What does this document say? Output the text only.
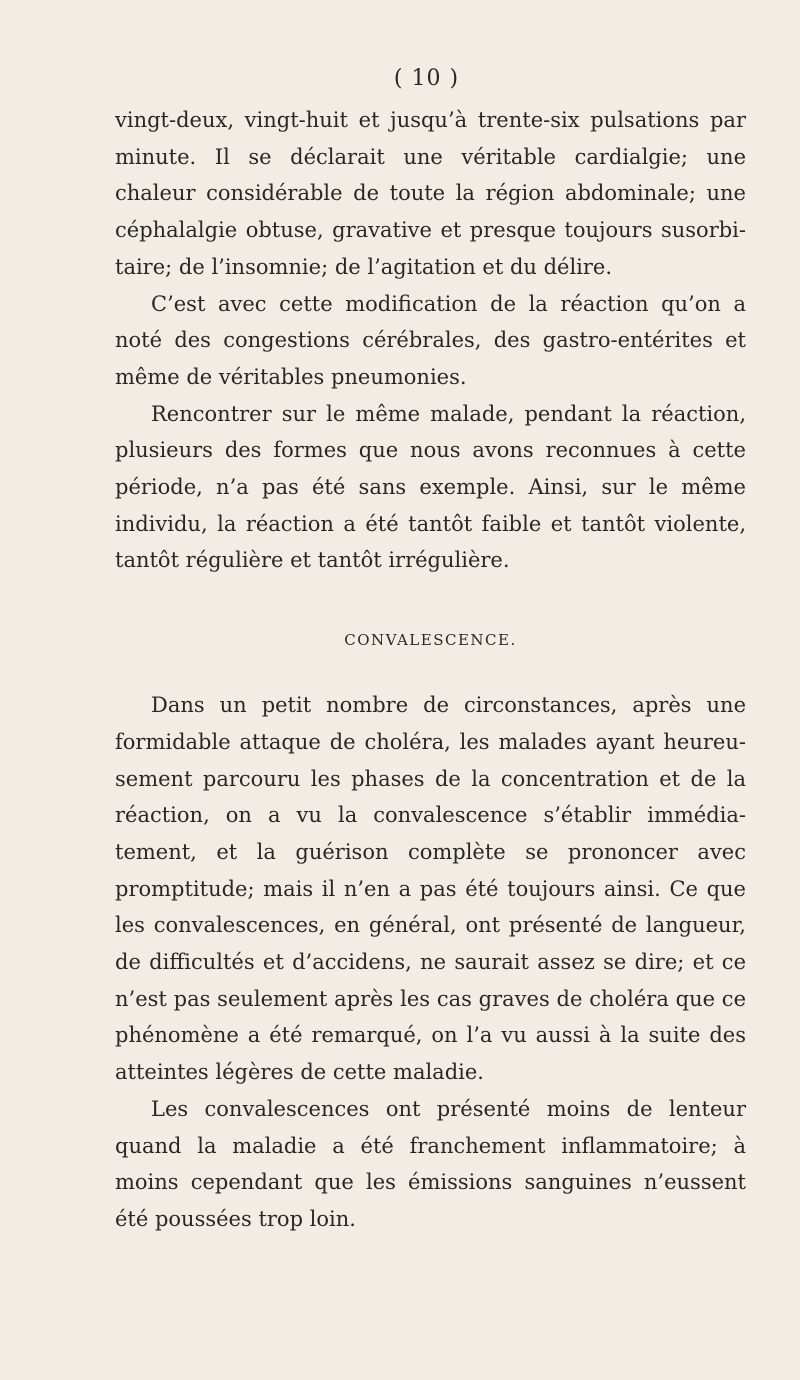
( 10 )

vingt-deux, vingt-huit et jusqu’à trente-six pulsations par minute. Il se déclarait une véritable cardialgie; une chaleur considérable de toute la région abdominale; une céphalalgie obtuse, gravative et presque toujours susorbitaire; de l’insomnie; de l’agitation et du délire.

C’est avec cette modification de la réaction qu’on a noté des congestions cérébrales, des gastro-entérites et même de véritables pneumonies.

Rencontrer sur le même malade, pendant la réaction, plusieurs des formes que nous avons reconnues à cette période, n’a pas été sans exemple. Ainsi, sur le même individu, la réaction a été tantôt faible et tantôt violente, tantôt régulière et tantôt irrégulière.

CONVALESCENCE.

Dans un petit nombre de circonstances, après une formidable attaque de choléra, les malades ayant heureusement parcouru les phases de la concentration et de la réaction, on a vu la convalescence s’établir immédiatement, et la guérison complète se prononcer avec promptitude; mais il n’en a pas été toujours ainsi. Ce que les convalescences, en général, ont présenté de langueur, de difficultés et d’accidens, ne saurait assez se dire; et ce n’est pas seulement après les cas graves de choléra que ce phénomène a été remarqué, on l’a vu aussi à la suite des atteintes légères de cette maladie.

Les convalescences ont présenté moins de lenteur quand la maladie a été franchement inflammatoire; à moins cependant que les émissions sanguines n’eussent été poussées trop loin.
